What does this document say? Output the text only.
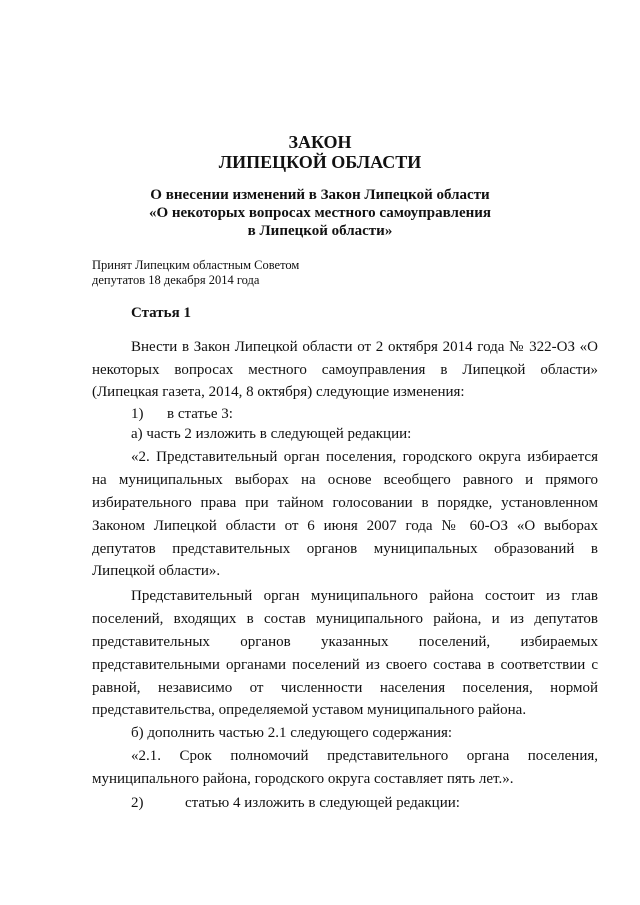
ЗАКОН
ЛИПЕЦКОЙ ОБЛАСТИ
О внесении изменений в Закон Липецкой области
«О некоторых вопросах местного самоуправления
в Липецкой области»
Принят Липецким областным Советом
депутатов 18 декабря 2014 года
Статья 1
Внести в Закон Липецкой области от 2 октября 2014 года № 322-ОЗ «О
некоторых вопросах местного самоуправления в Липецкой области»
(Липецкая газета, 2014, 8 октября) следующие изменения:
1) в статье 3:
а) часть 2 изложить в следующей редакции:
«2. Представительный орган поселения, городского округа избирается
на муниципальных выборах на основе всеобщего равного и прямого
избирательного права при тайном голосовании в порядке, установленном
Законом Липецкой области от 6 июня 2007 года № 60-ОЗ «О выборах
депутатов представительных органов муниципальных образований в
Липецкой области».
Представительный орган муниципального района состоит из глав
поселений, входящих в состав муниципального района, и из депутатов
представительных органов указанных поселений, избираемых
представительными органами поселений из своего состава в соответствии с
равной, независимо от численности населения поселения, нормой
представительства, определяемой уставом муниципального района.
б) дополнить частью 2.1 следующего содержания:
«2.1. Срок полномочий представительного органа поселения,
муниципального района, городского округа составляет пять лет.».
2)	статью 4 изложить в следующей редакции:
